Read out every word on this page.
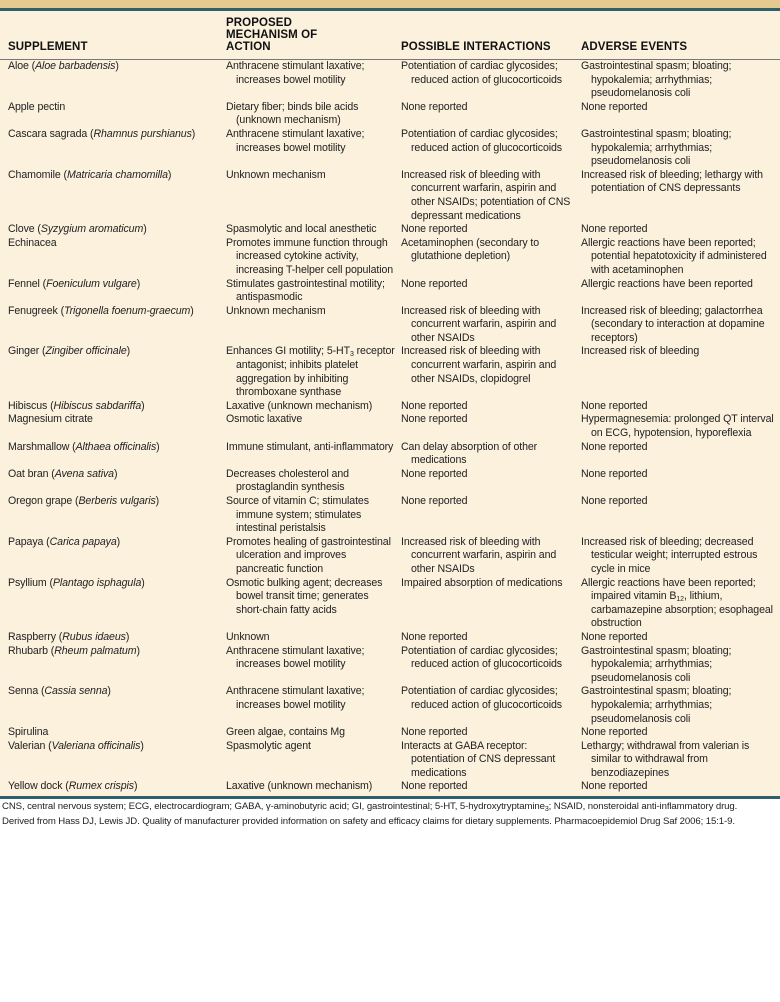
SUPPLEMENT	PROPOSED MECHANISM OF ACTION	POSSIBLE INTERACTIONS	ADVERSE EVENTS

Aloe (Aloe barbadensis)	Anthracene stimulant laxative; increases bowel motility	Potentiation of cardiac glycosides; reduced action of glucocorticoids	Gastrointestinal spasm; bloating; hypokalemia; arrhythmias; pseudomelanosis coli

Apple pectin	Dietary fiber; binds bile acids (unknown mechanism)	None reported	None reported

Cascara sagrada (Rhamnus purshianus)	Anthracene stimulant laxative; increases bowel motility	Potentiation of cardiac glycosides; reduced action of glucocorticoids	Gastrointestinal spasm; bloating; hypokalemia; arrhythmias; pseudomelanosis coli

Chamomile (Matricaria chamomilla)	Unknown mechanism	Increased risk of bleeding with concurrent warfarin, aspirin and other NSAIDs; potentiation of CNS depressant medications	Increased risk of bleeding; lethargy with potentiation of CNS depressants

Clove (Syzygium aromaticum)	Spasmolytic and local anesthetic	None reported	None reported

Echinacea	Promotes immune function through increased cytokine activity, increasing T-helper cell population	Acetaminophen (secondary to glutathione depletion)	Allergic reactions have been reported; potential hepatotoxicity if administered with acetaminophen

Fennel (Foeniculum vulgare)	Stimulates gastrointestinal motility; antispasmodic	None reported	Allergic reactions have been reported

Fenugreek (Trigonella foenum-graecum)	Unknown mechanism	Increased risk of bleeding with concurrent warfarin, aspirin and other NSAIDs	Increased risk of bleeding; galactorrhea (secondary to interaction at dopamine receptors)

Ginger (Zingiber officinale)	Enhances GI motility; $5-HT_3$ receptor antagonist; inhibits platelet aggregation by inhibiting thromboxane synthase	Increased risk of bleeding with concurrent warfarin, aspirin and other NSAIDs, clopidogrel	Increased risk of bleeding

Hibiscus (Hibiscus sabdariffa)	Laxative (unknown mechanism)	None reported	None reported

Magnesium citrate	Osmotic laxative	None reported	Hypermagnesemia: prolonged QT interval on ECG, hypotension, hyporeflexia

Marshmallow (Althaea officinalis)	Immune stimulant, anti-inflammatory	Can delay absorption of other medications	None reported

Oat bran (Avena sativa)	Decreases cholesterol and prostaglandin synthesis	None reported	None reported

Oregon grape (Berberis vulgaris)	Source of vitamin C; stimulates immune system; stimulates intestinal peristalsis	None reported	None reported

Papaya (Carica papaya)	Promotes healing of gastrointestinal ulceration and improves pancreatic function	Increased risk of bleeding with concurrent warfarin, aspirin and other NSAIDs	Increased risk of bleeding; decreased testicular weight; interrupted estrous cycle in mice

Psyllium (Plantago isphagula)	Osmotic bulking agent; decreases bowel transit time; generates short-chain fatty acids	Impaired absorption of medications	Allergic reactions have been reported; impaired vitamin $B_{12}$, lithium, carbamazepine absorption; esophageal obstruction

Raspberry (Rubus idaeus)	Unknown	None reported	None reported

Rhubarb (Rheum palmatum)	Anthracene stimulant laxative; increases bowel motility	Potentiation of cardiac glycosides; reduced action of glucocorticoids	Gastrointestinal spasm; bloating; hypokalemia; arrhythmias; pseudomelanosis coli

Senna (Cassia senna)	Anthracene stimulant laxative; increases bowel motility	Potentiation of cardiac glycosides; reduced action of glucocorticoids	Gastrointestinal spasm; bloating; hypokalemia; arrhythmias; pseudomelanosis coli

Spirulina	Green algae, contains Mg	None reported	None reported

Valerian (Valeriana officinalis)	Spasmolytic agent	Interacts at GABA receptor: potentiation of CNS depressant medications	Lethargy; withdrawal from valerian is similar to withdrawal from benzodiazepines

Yellow dock (Rumex crispis)	Laxative (unknown mechanism)	None reported	None reported
CNS, central nervous system; ECG, electrocardiogram; GABA, γ-aminobutyric acid; GI, gastrointestinal; 5-HT, 5-hydroxytryptamine$_3$; NSAID, nonsteroidal anti-inflammatory drug.
Derived from Hass DJ, Lewis JD. Quality of manufacturer provided information on safety and efficacy claims for dietary supplements. Pharmacoepidemiol Drug Saf 2006; 15:1-9.
